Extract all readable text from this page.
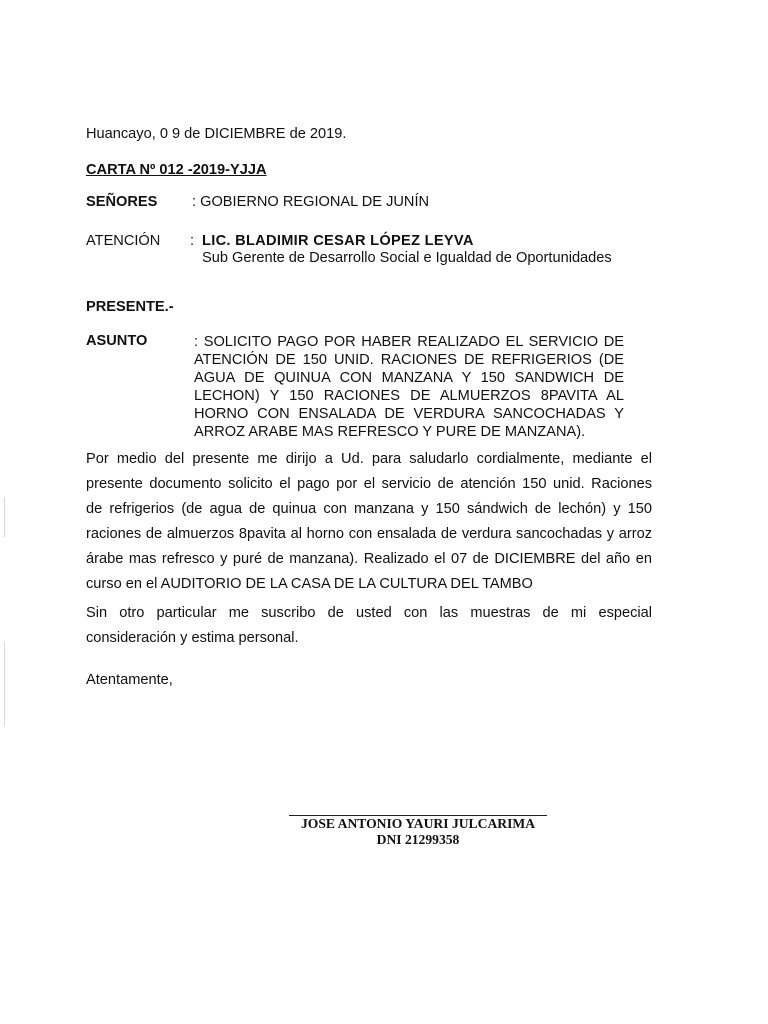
Huancayo, 0 9 de DICIEMBRE de 2019.
CARTA Nº 012 -2019-YJJA
SEÑORES : GOBIERNO REGIONAL DE JUNÍN
ATENCIÓN : LIC. BLADIMIR CESAR LÓPEZ LEYVA
Sub Gerente de Desarrollo Social e Igualdad de Oportunidades
PRESENTE.-
ASUNTO	: SOLICITO PAGO POR HABER REALIZADO EL SERVICIO DE
ATENCIÓN DE 150 UNID. RACIONES DE REFRIGERIOS (DE
AGUA DE QUINUA CON MANZANA Y 150 SANDWICH DE
LECHON) Y 150 RACIONES DE ALMUERZOS 8PAVITA AL
HORNO CON ENSALADA DE VERDURA SANCOCHADAS Y
ARROZ ARABE MAS REFRESCO Y PURE DE MANZANA).
Por medio del presente me dirijo a Ud. para saludarlo cordialmente, mediante el
presente documento solicito el pago por el servicio de atención 150 unid. Raciones
de refrigerios (de agua de quinua con manzana y 150 sándwich de lechón) y 150
raciones de almuerzos 8pavita al horno con ensalada de verdura sancochadas y arroz
árabe mas refresco y puré de manzana). Realizado el 07 de DICIEMBRE del año en
curso en el AUDITORIO DE LA CASA DE LA CULTURA DEL TAMBO
Sin otro particular me suscribo de usted con las muestras de mi especial
consideración y estima personal.
Atentamente,
JOSE ANTONIO YAURI JULCARIMA
DNI 21299358
